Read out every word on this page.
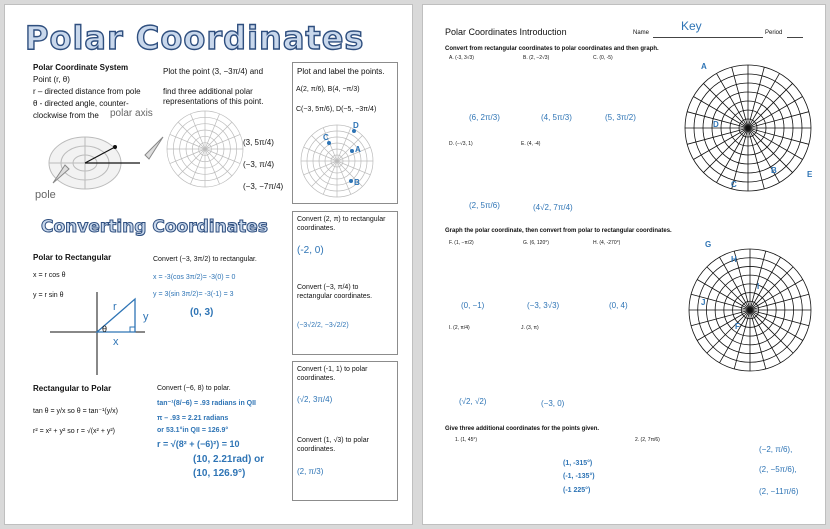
Polar Coordinates
Polar Coordinate System
Point (r, θ)
r – directed distance from pole
θ - directed angle, counter-
clockwise from the polar axis
pole
Plot the point (3, −3π/4) and
find three additional polar
representations of this point.
(3, 5π/4)
(−3, π/4)
(−3, −7π/4)
Plot and label the points.
A(2, π/6), B(4, −π/3)
C(−3, 5π/6), D(−5, −3π/4)
A
B
C
D
Converting Coordinates
Polar to Rectangular
x = r cos θ
y = r sin θ
Convert (−3, 3π/2) to rectangular.
x = -3(cos 3π/2)= -3(0) = 0
y = 3(sin 3π/2)= -3(-1) = 3
(0, 3)
r
y
x
θ
Rectangular to Polar
tan θ = y/x so θ = tan⁻¹(y/x)
r² = x² + y² so r = √(x² + y²)
Convert (−6, 8) to polar.
tan⁻¹(8/−6) = .93 radians in QII
π – .93 = 2.21 radians
or 53.1°in QII = 126.9°
r = √(8² + (−6)²) = 10
(10, 2.21rad) or
(10, 126.9°)
Convert (2, π) to rectangular coordinates.
(-2, 0)
Convert (−3, π/4) to rectangular coordinates.
(−3√2/2, −3√2/2)
Convert (-1, 1) to polar coordinates.
(√2, 3π/4)
Convert (1, √3) to polar coordinates.
(2, π/3)
Polar Coordinates Introduction	Name	Key	Period
Convert from rectangular coordinates to polar coordinates and then graph.
A. (-3, 3√3)	B. (2, −2√3)	C. (0, -5)
D. (−√3, 1)	E. (4, -4)
(6, 2π/3)	(4, 5π/3)	(5, 3π/2)
(2, 5π/6)	(4√2, 7π/4)
A
B
C
D
E
Graph the polar coordinate, then convert from polar to rectangular coordinates.
F. (1, −π/2)	G. (6, 120°)	H. (4, -270°)
I. (2, π/4)	J. (3, π)
(0, −1)	(−3, 3√3)	(0, 4)
(√2, √2)	(−3, 0)
G
H
I
J
F
Give three additional coordinates for the points given.
1. (1, 45°)	2. (2, 7π/6)
(1, -315°)
(-1, -135°)
(-1 225°)
(−2, π/6),
(2, −5π/6),
(2, −11π/6)
